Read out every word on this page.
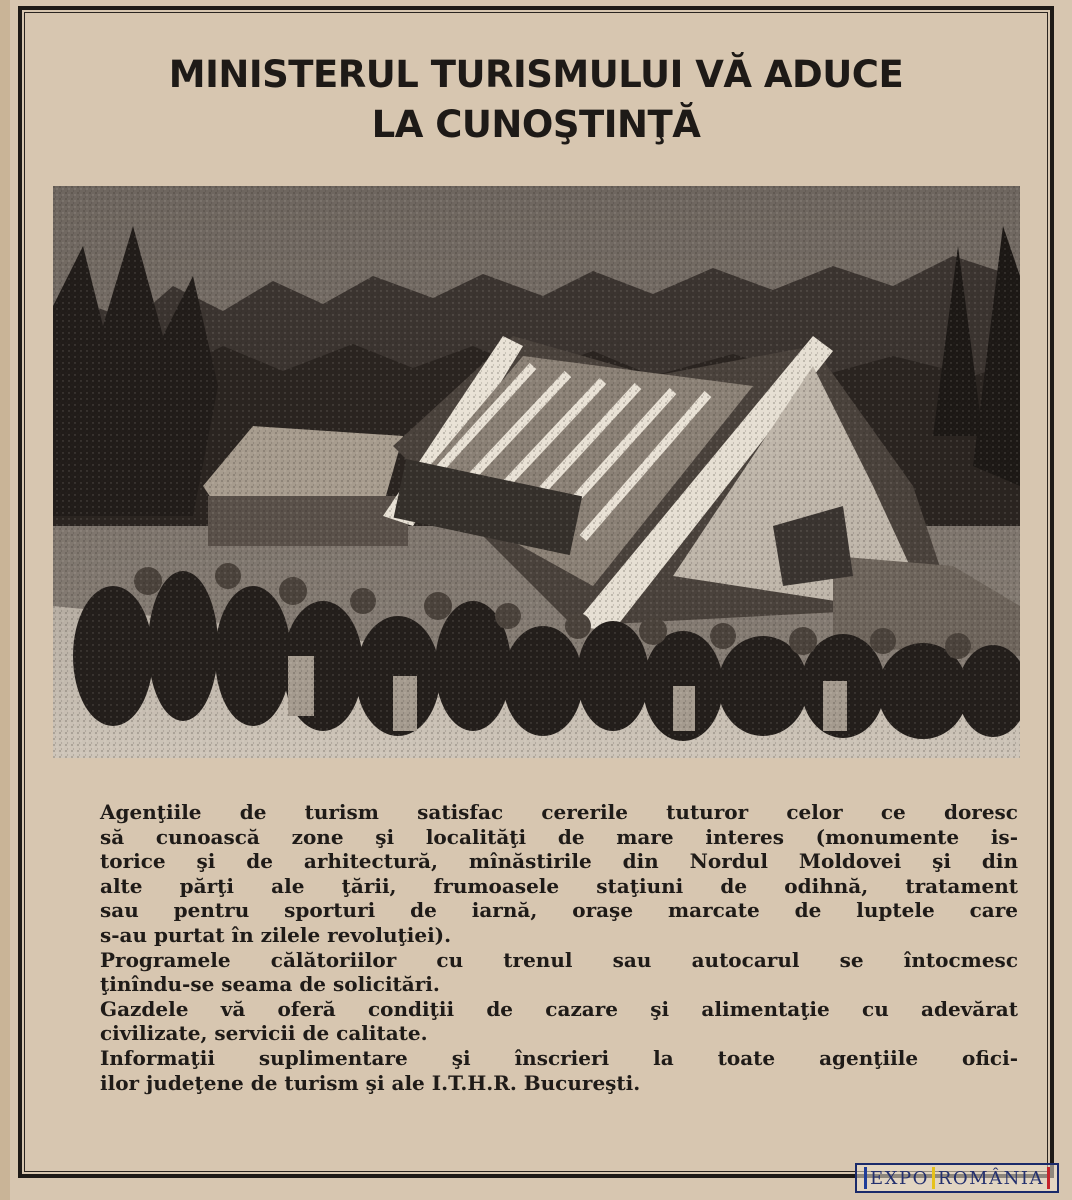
MINISTERUL TURISMULUI VĂ ADUCE
LA CUNOŞTINŢĂ
Agenţiile de turism satisfac cererile tuturor celor ce doresc
să cunoască zone şi localităţi de mare interes (monumente is-
torice şi de arhitectură, mînăstirile din Nordul Moldovei şi din
alte părţi ale ţării, frumoasele staţiuni de odihnă, tratament
sau pentru sporturi de iarnă, oraşe marcate de luptele care
s-au purtat în zilele revoluţiei).
Programele călătoriilor cu trenul sau autocarul se întocmesc
ţinîndu-se seama de solicitări.
Gazdele vă oferă condiţii de cazare şi alimentaţie cu adevărat
civilizate, servicii de calitate.
Informaţii suplimentare şi înscrieri la toate agenţiile ofici-
ilor judeţene de turism şi ale I.T.H.R. Bucureşti.
EXPO ROMÂNIA
